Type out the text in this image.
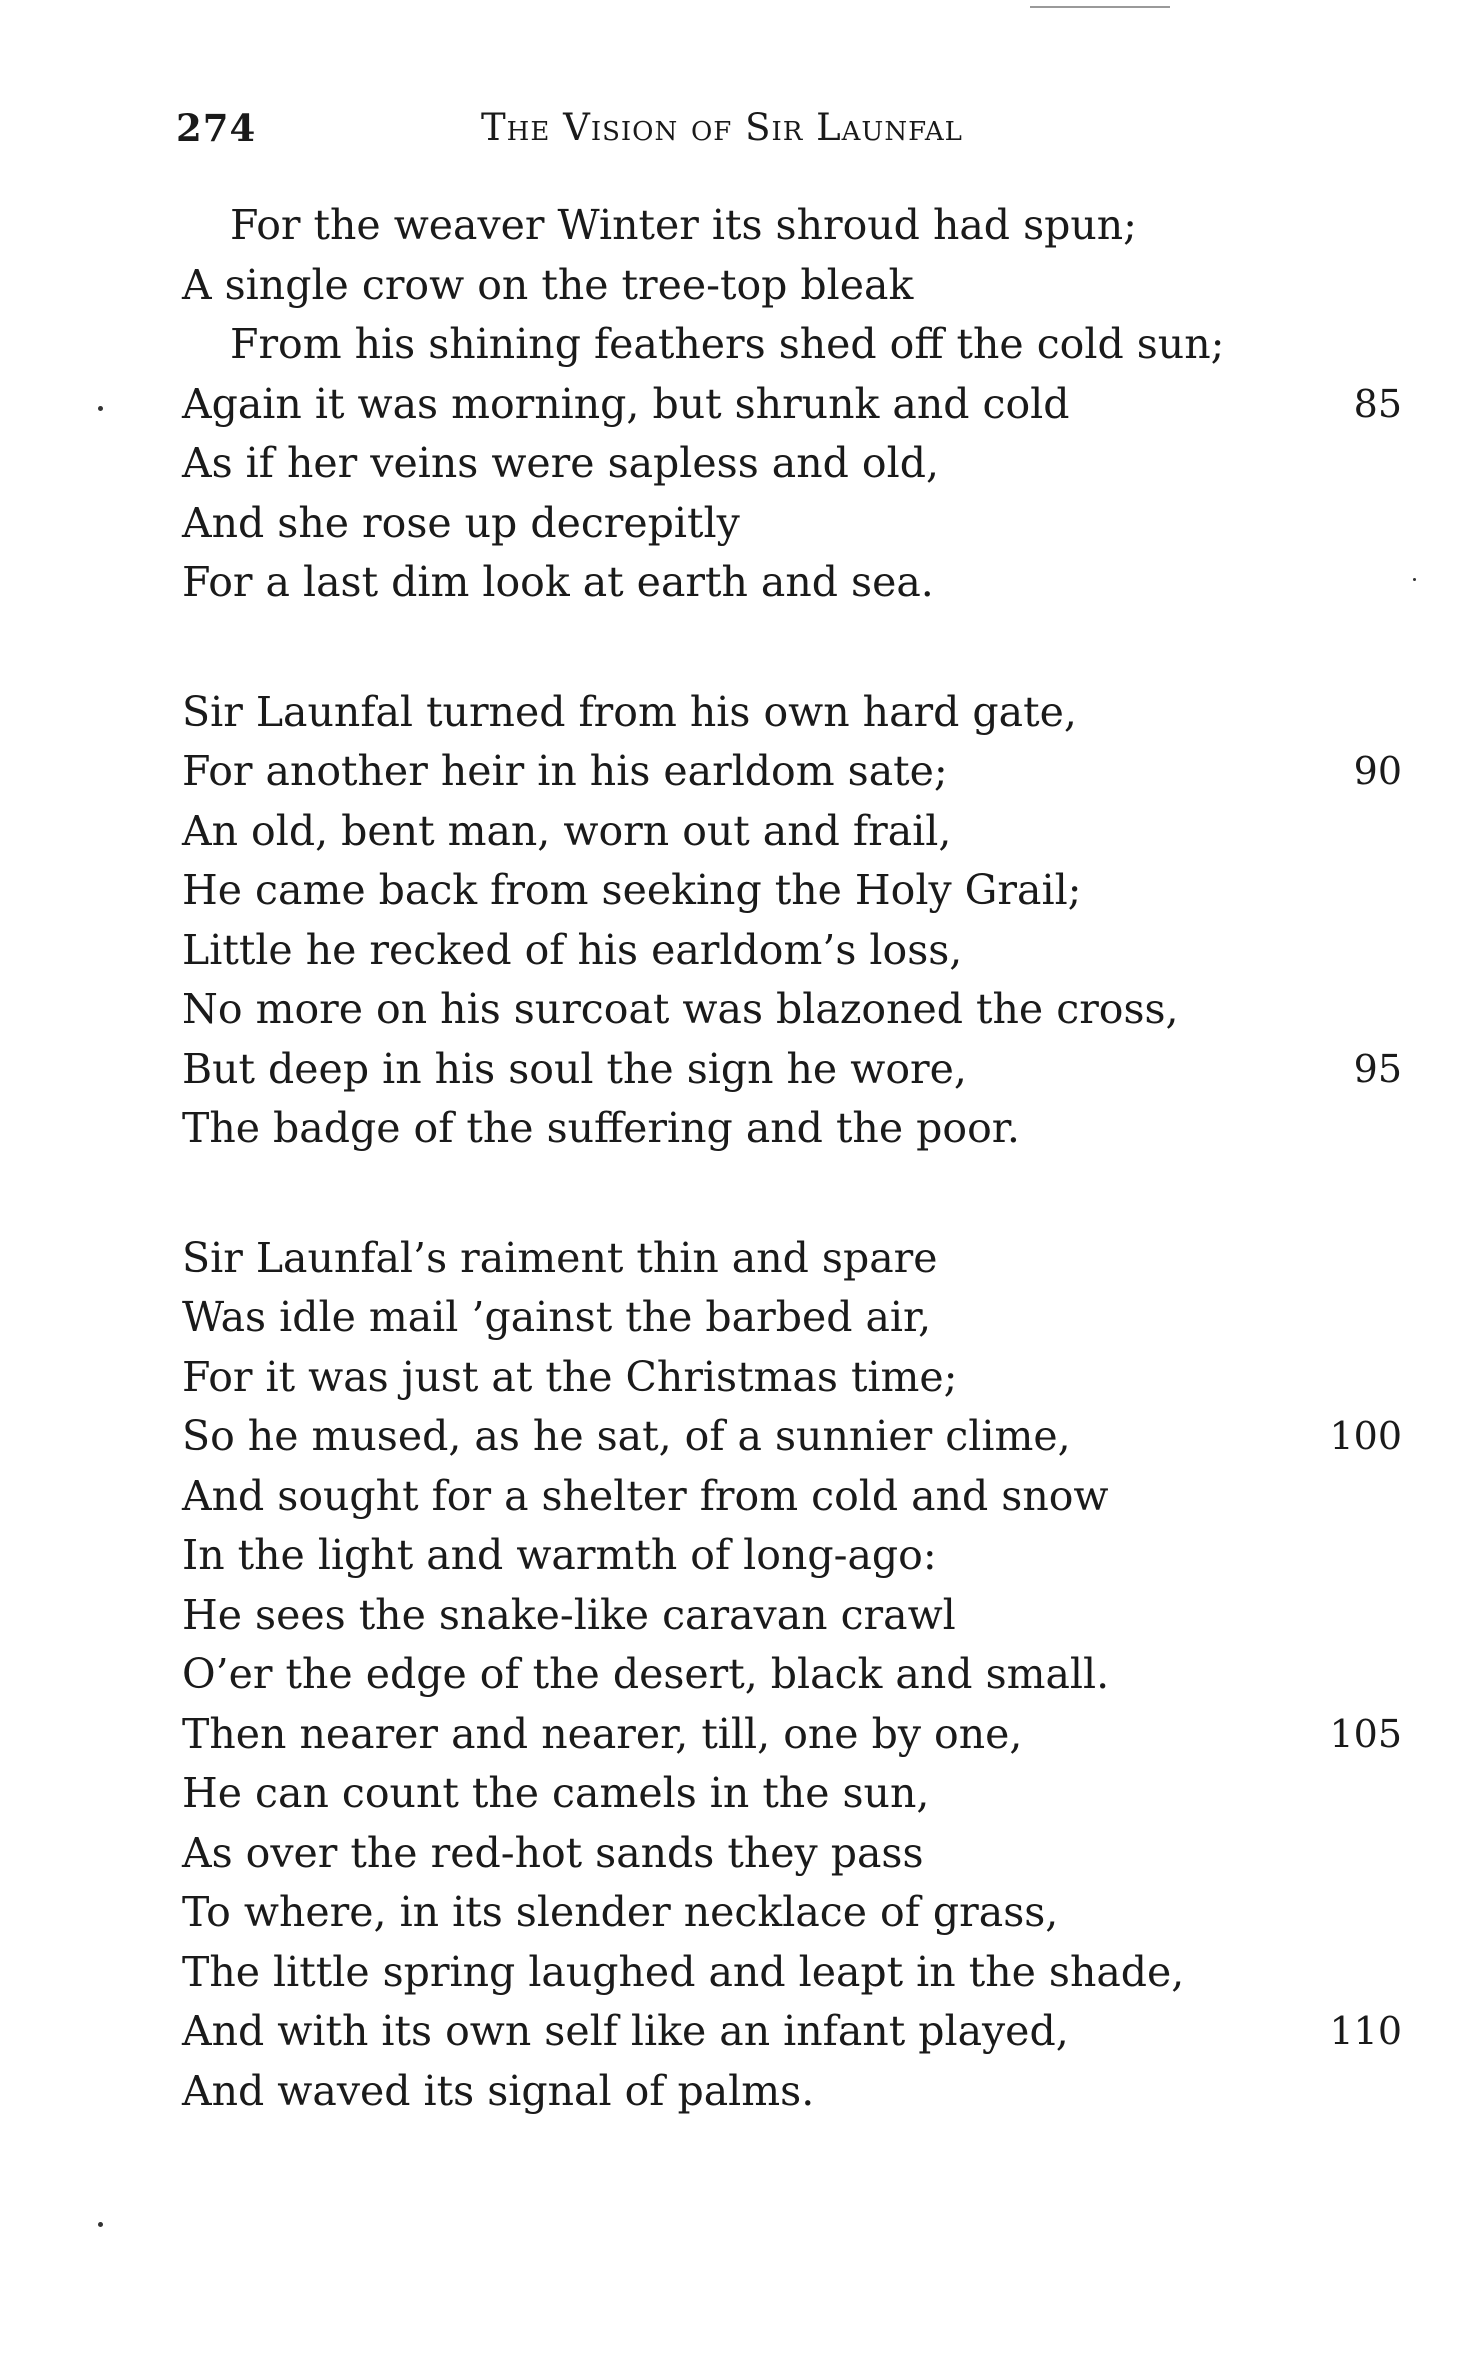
274	The Vision of Sir Launfal
For the weaver Winter its shroud had spun;
A single crow on the tree-top bleak
From his shining feathers shed off the cold sun;
Again it was morning, but shrunk and cold	85
As if her veins were sapless and old,
And she rose up decrepitly
For a last dim look at earth and sea.
Sir Launfal turned from his own hard gate,
For another heir in his earldom sate;	90
An old, bent man, worn out and frail,
He came back from seeking the Holy Grail;
Little he recked of his earldom’s loss,
No more on his surcoat was blazoned the cross,
But deep in his soul the sign he wore,	95
The badge of the suffering and the poor.
Sir Launfal’s raiment thin and spare
Was idle mail ’gainst the barbed air,
For it was just at the Christmas time;
So he mused, as he sat, of a sunnier clime,	100
And sought for a shelter from cold and snow
In the light and warmth of long-ago:
He sees the snake-like caravan crawl
O’er the edge of the desert, black and small.
Then nearer and nearer, till, one by one,	105
He can count the camels in the sun,
As over the red-hot sands they pass
To where, in its slender necklace of grass,
The little spring laughed and leapt in the shade,
And with its own self like an infant played,	110
And waved its signal of palms.
